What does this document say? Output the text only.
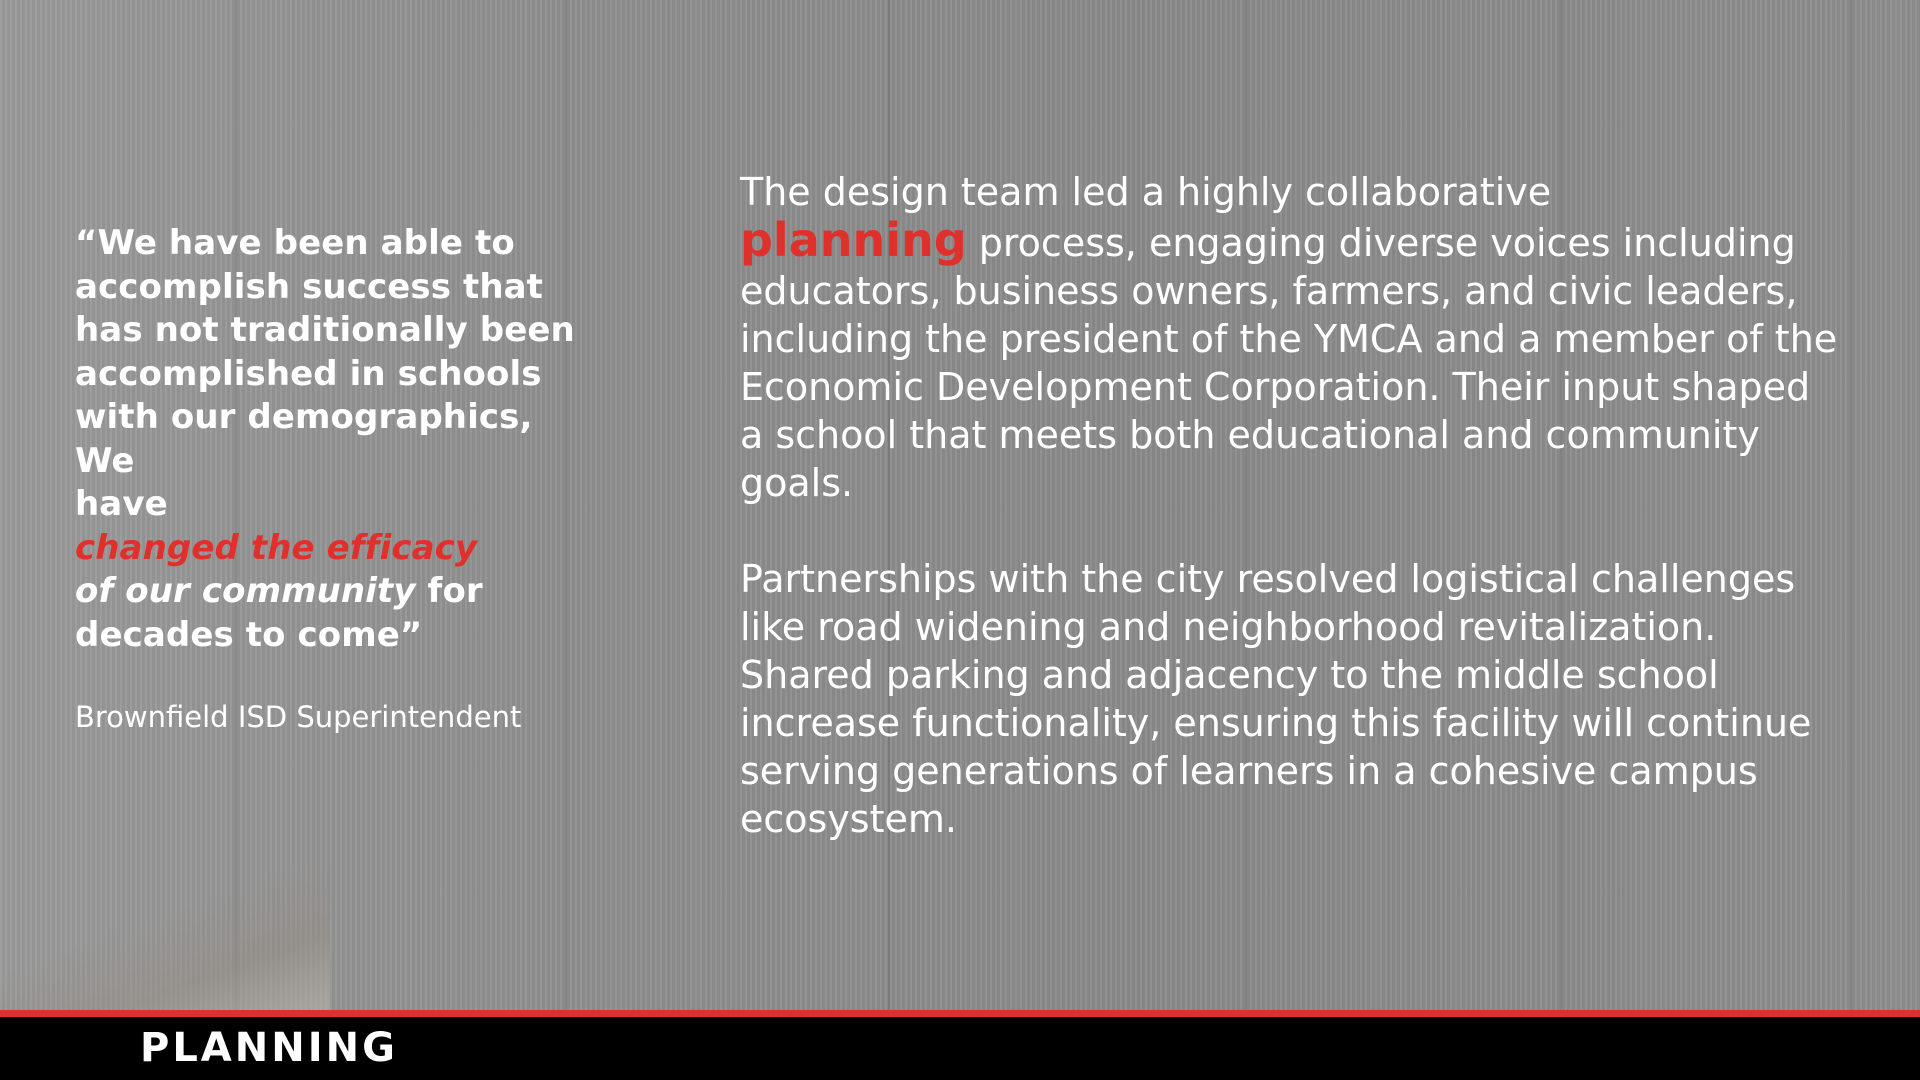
“We have been able to
accomplish success that
has not traditionally been
accomplished in schools
with our demographics, We
have
changed the efficacy
of our community for
decades to come”

Brownfield ISD Superintendent

The design team led a highly collaborative
planning process, engaging diverse voices including educators, business owners, farmers, and civic leaders, including the president of the YMCA and a member of the Economic Development Corporation. Their input shaped a school that meets both educational and community goals.

Partnerships with the city resolved logistical challenges like road widening and neighborhood revitalization. Shared parking and adjacency to the middle school increase functionality, ensuring this facility will continue serving generations of learners in a cohesive campus ecosystem.

PLANNING
